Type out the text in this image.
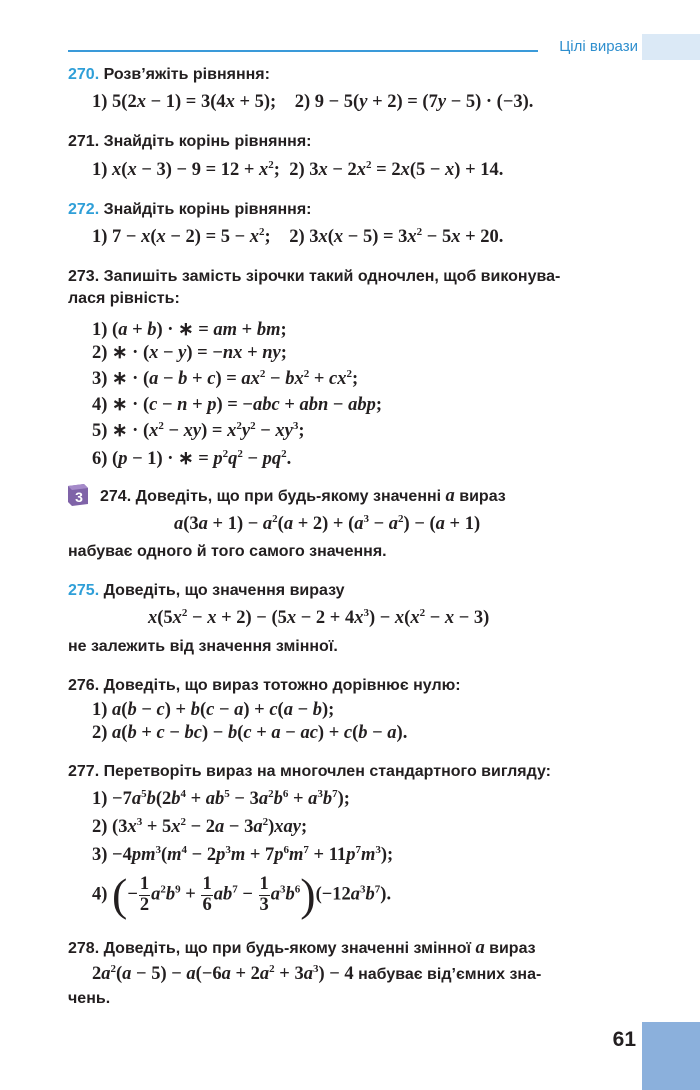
Цілі вирази
270. Розв’яжіть рівняння:
1) 5(2x − 1) = 3(4x + 5);    2) 9 − 5(y + 2) = (7y − 5) · (−3).
271. Знайдіть корінь рівняння:
1) $x(x - 3) - 9 = 12 + x^2$;  2) $3x - 2x^2 = 2x(5 - x) + 14$.
272. Знайдіть корінь рівняння:
1) $7 - x(x - 2) = 5 - x^2$;    2) $3x(x - 5) = 3x^2 - 5x + 20$.
273. Запишіть замість зірочки такий одночлен, щоб виконува-
лася рівність:
1) (a + b) · ∗ = am + bm;
2) ∗ · (x − y) = −nx + ny;
3) ∗ · $(a - b + c) = ax^2 - bx^2 + cx^2$;
4) ∗ · (c − n + p) = −abc + abn − abp;
5) ∗ · $(x^2 - xy) = x^2y^2 - xy^3$;
6) (p − 1) · ∗ = $p^2q^2 - pq^2$.
3 274. Доведіть, що при будь-якому значенні a вираз
$a(3a + 1) - a^2(a + 2) + (a^3 - a^2) - (a + 1)$
набуває одного й того самого значення.
275. Доведіть, що значення виразу
$x(5x^2 - x + 2) - (5x - 2 + 4x^3) - x(x^2 - x - 3)$
не залежить від значення змінної.
276. Доведіть, що вираз тотожно дорівнює нулю:
1) a(b − c) + b(c − a) + c(a − b);
2) a(b + c − bc) − b(c + a − ac) + c(b − a).
277. Перетворіть вираз на многочлен стандартного вигляду:
$1) -7a^5b(2b^4 + ab^5 - 3a^2b^6 + a^3b^7)$;
2) $(3x^3 + 5x^2 - 2a - 3a^2)xay$;
$3) -4pm^3(m^4 - 2p^3m + 7p^6m^7 + 11p^7m^3)$;
4) (− $\frac{1}{2} a^2b^9 + \frac{1}{6} ab^7 - \frac{1}{3} a^3b^6)(-12a^3b^7)$.
278. Доведіть, що при будь-якому значенні змінної a вираз
$2a^2(a - 5) - a(-6a + 2a^2 + 3a^3) - 4$ набуває від’ємних зна-
чень.
61
